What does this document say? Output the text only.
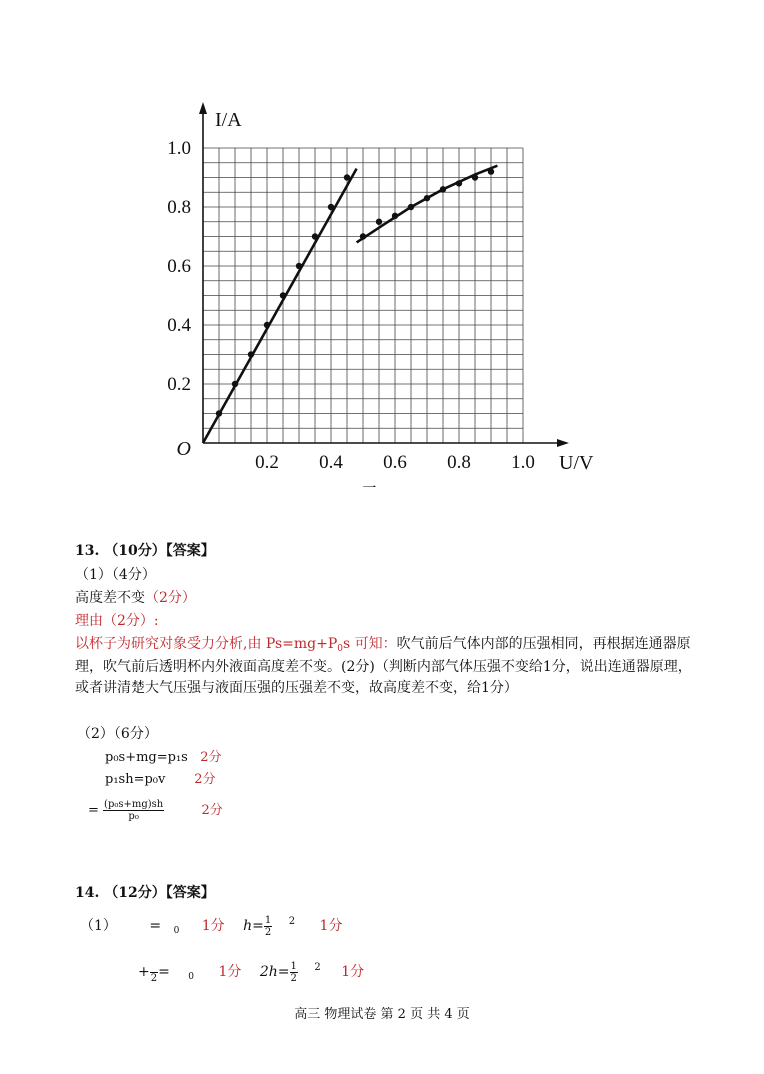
0.2 0.4 0.6 0.8 1.0
0.2
0.4
0.6
0.8
1.0
O
U/V
I/A
一
13. （10分）【答案】
（1）（4分）
高度差不变（2分）
理由（2分）:
以杯子为研究对象受力分析,由 $Ps=mg+P_0s$ 可知：吹气前后气体内部的压强相同，再根据连通器原理，吹气前后透明杯内外液面高度差不变。(2分)（判断内部气体压强不变给1分，说出连通器原理，或者讲清楚大气压强与液面压强的压强差不变，故高度差不变，给1分）
（2）（6分）
p₀s+mg=p₁s 2分
p₁sh=p₀v 2分
= $\frac{\text{(p₀s+mg)sh}}{\text{p₀}}$	2分
14. （12分）【答案】
（1） = $_0$ 1分 $h= \frac{1}{2} ^2$ 1分
+
2 = $_0$ 1分 $2h= \frac{1}{2} ^2$ 1分
高三 物理试卷 第 2 页 共 4 页
